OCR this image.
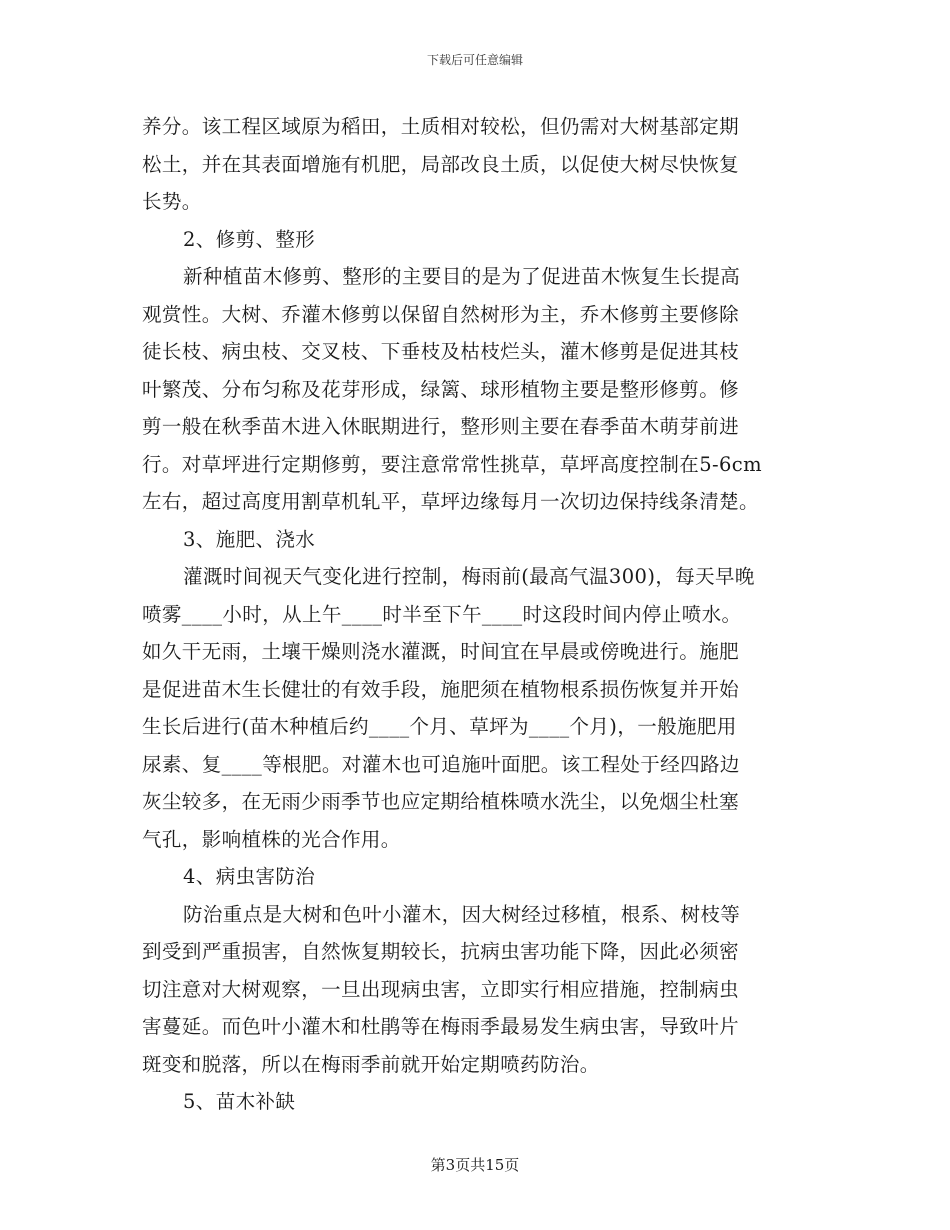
下载后可任意编辑
养分。该工程区域原为稻田，土质相对较松，但仍需对大树基部定期
松土，并在其表面增施有机肥，局部改良土质，以促使大树尽快恢复
长势。
2、修剪、整形
新种植苗木修剪、整形的主要目的是为了促进苗木恢复生长提高
观赏性。大树、乔灌木修剪以保留自然树形为主，乔木修剪主要修除
徒长枝、病虫枝、交叉枝、下垂枝及枯枝烂头，灌木修剪是促进其枝
叶繁茂、分布匀称及花芽形成，绿篱、球形植物主要是整形修剪。修
剪一般在秋季苗木进入休眠期进行，整形则主要在春季苗木萌芽前进
行。对草坪进行定期修剪，要注意常常性挑草，草坪高度控制在5-6cm
左右，超过高度用割草机轧平，草坪边缘每月一次切边保持线条清楚。
3、施肥、浇水
灌溉时间视天气变化进行控制，梅雨前(最高气温300)，每天早晚
喷雾____小时，从上午____时半至下午____时这段时间内停止喷水。
如久干无雨，土壤干燥则浇水灌溉，时间宜在早晨或傍晚进行。施肥
是促进苗木生长健壮的有效手段，施肥须在植物根系损伤恢复并开始
生长后进行(苗木种植后约____个月、草坪为____个月)，一般施肥用
尿素、复____等根肥。对灌木也可追施叶面肥。该工程处于经四路边
灰尘较多，在无雨少雨季节也应定期给植株喷水洗尘，以免烟尘杜塞
气孔，影响植株的光合作用。
4、病虫害防治
防治重点是大树和色叶小灌木，因大树经过移植，根系、树枝等
到受到严重损害，自然恢复期较长，抗病虫害功能下降，因此必须密
切注意对大树观察，一旦出现病虫害，立即实行相应措施，控制病虫
害蔓延。而色叶小灌木和杜鹃等在梅雨季最易发生病虫害，导致叶片
斑变和脱落，所以在梅雨季前就开始定期喷药防治。
5、苗木补缺
第3页共15页
